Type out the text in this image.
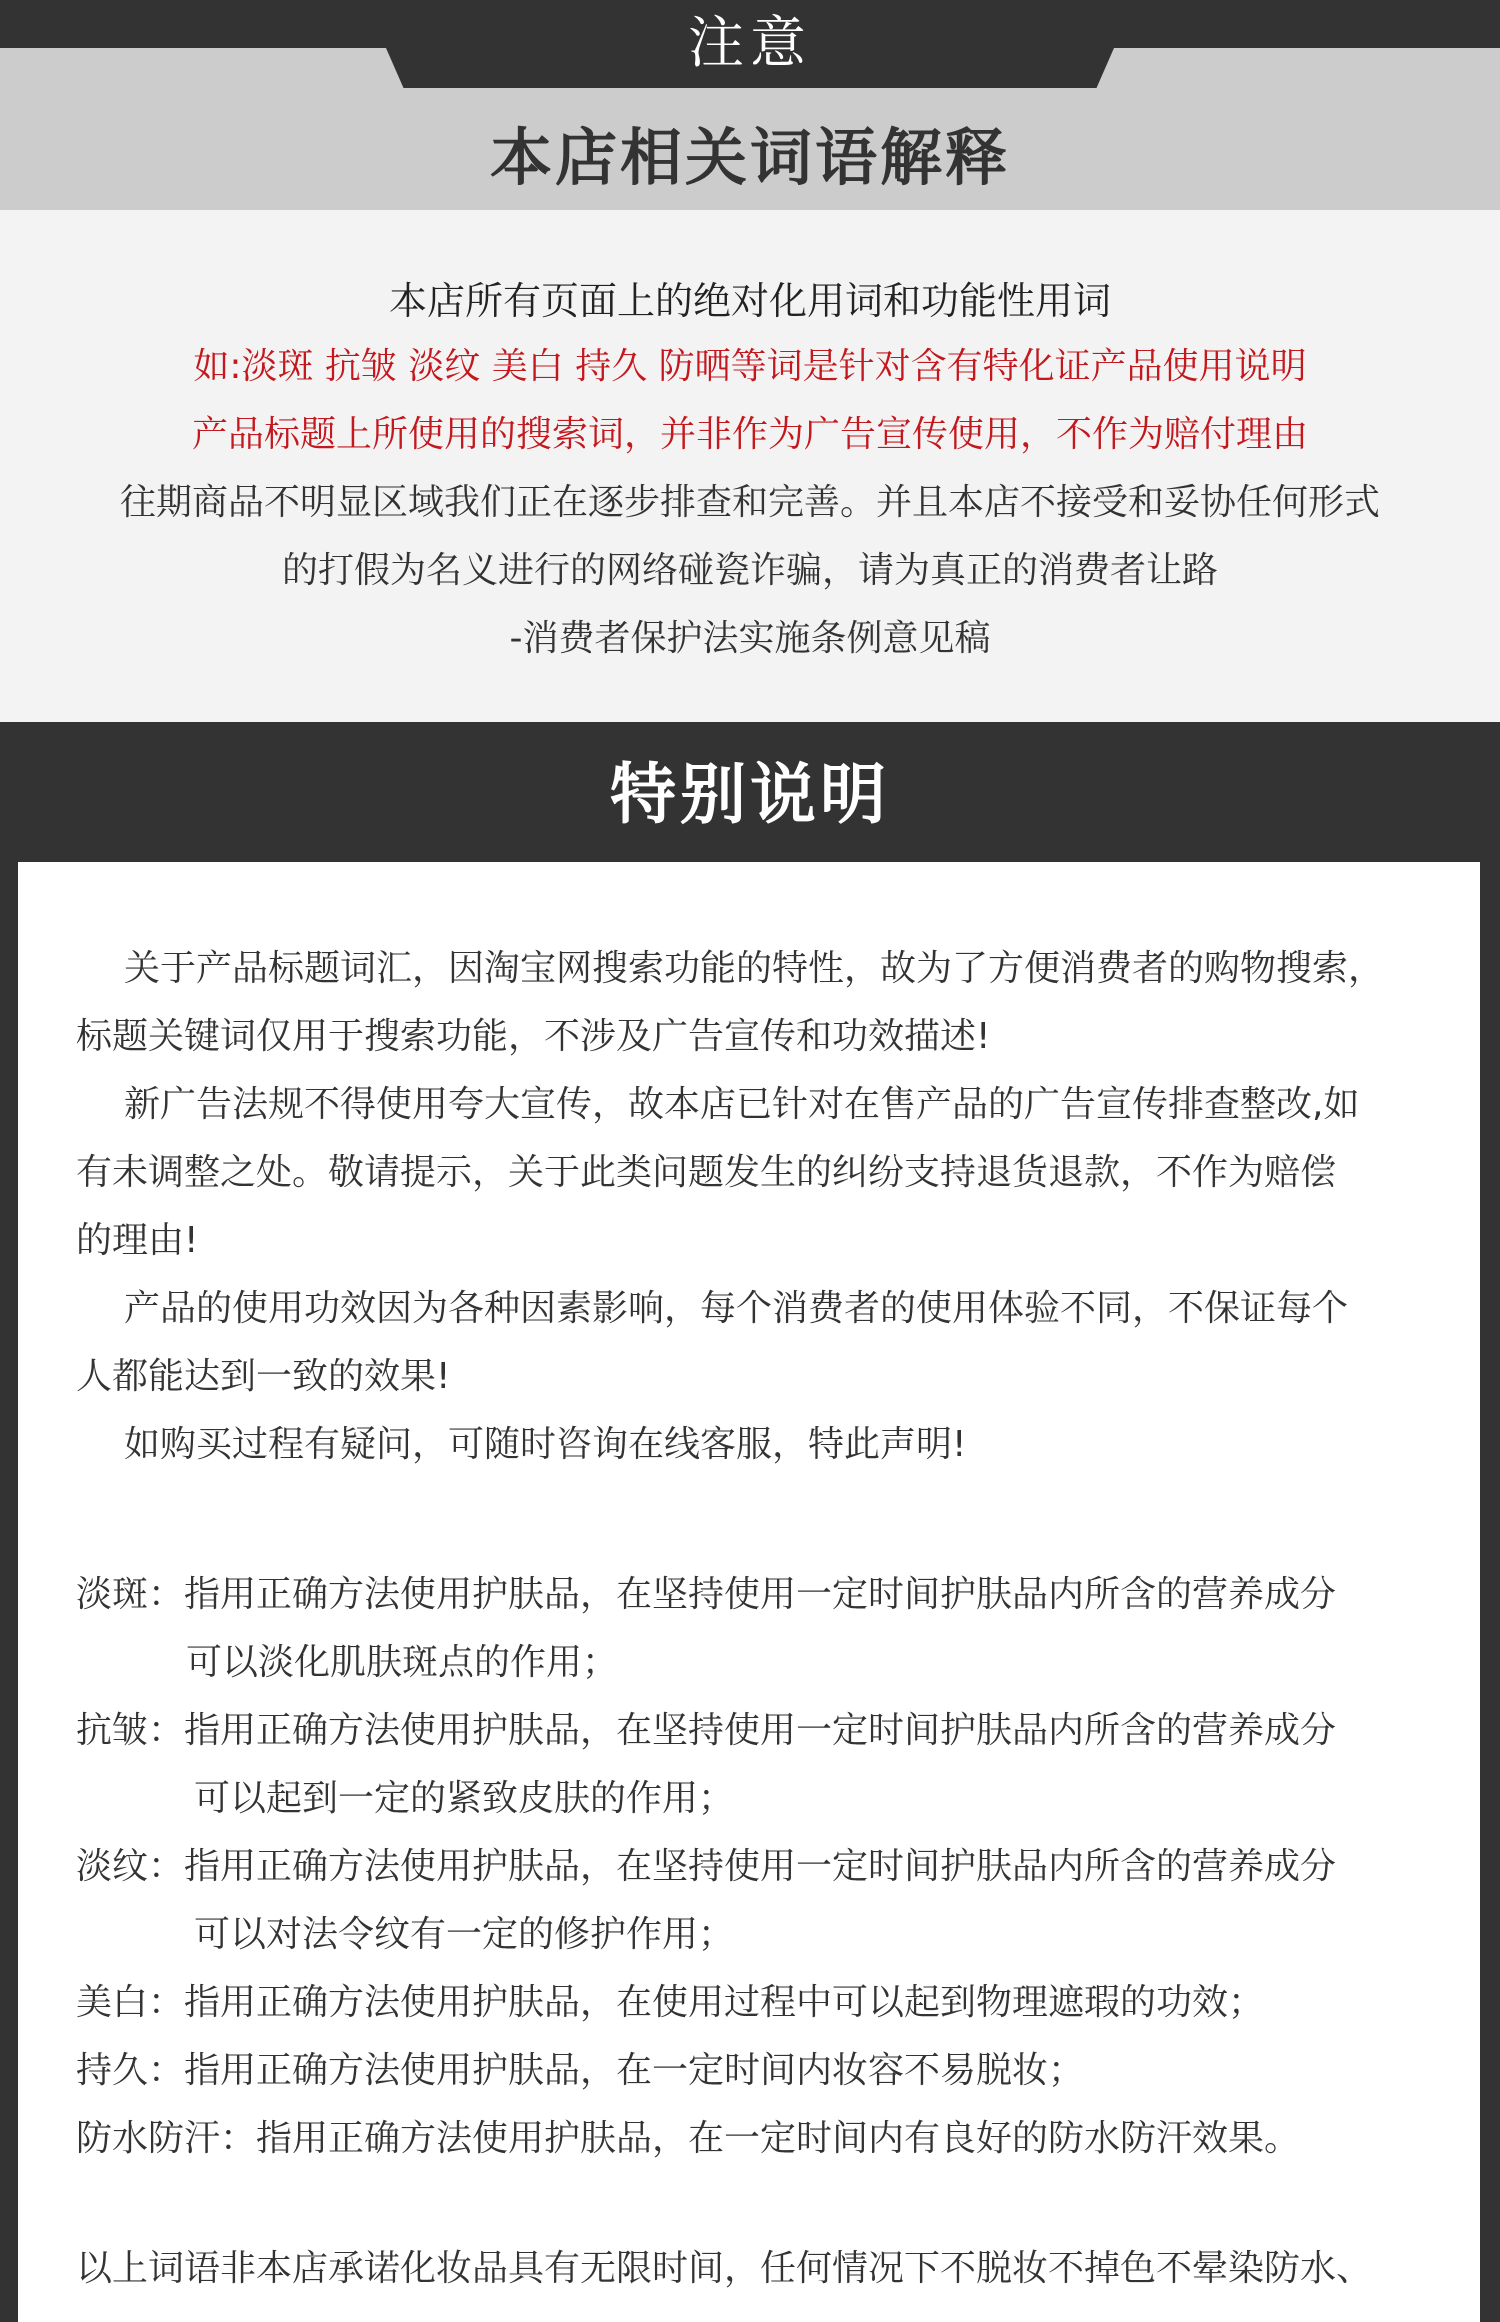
注意
本店相关词语解释
本店所有页面上的绝对化用词和功能性用词
如:淡斑 抗皱 淡纹 美白 持久 防晒等词是针对含有特化证产品使用说明
产品标题上所使用的搜索词，并非作为广告宣传使用，不作为赔付理由
往期商品不明显区域我们正在逐步排查和完善。并且本店不接受和妥协任何形式
的打假为名义进行的网络碰瓷诈骗，请为真正的消费者让路
-消费者保护法实施条例意见稿
特别说明
关于产品标题词汇，因淘宝网搜索功能的特性，故为了方便消费者的购物搜索，
标题关键词仅用于搜索功能，不涉及广告宣传和功效描述!
新广告法规不得使用夸大宣传，故本店已针对在售产品的广告宣传排查整改,如
有未调整之处。敬请提示，关于此类问题发生的纠纷支持退货退款，不作为赔偿
的理由!
产品的使用功效因为各种因素影响，每个消费者的使用体验不同，不保证每个
人都能达到一致的效果!
如购买过程有疑问，可随时咨询在线客服，特此声明!
淡斑：指用正确方法使用护肤品，在坚持使用一定时间护肤品内所含的营养成分
可以淡化肌肤斑点的作用；
抗皱：指用正确方法使用护肤品，在坚持使用一定时间护肤品内所含的营养成分
可以起到一定的紧致皮肤的作用；
淡纹：指用正确方法使用护肤品，在坚持使用一定时间护肤品内所含的营养成分
可以对法令纹有一定的修护作用；
美白：指用正确方法使用护肤品，在使用过程中可以起到物理遮瑕的功效；
持久：指用正确方法使用护肤品，在一定时间内妆容不易脱妆；
防水防汗：指用正确方法使用护肤品，在一定时间内有良好的防水防汗效果。
以上词语非本店承诺化妆品具有无限时间，任何情况下不脱妆不掉色不晕染防水、
